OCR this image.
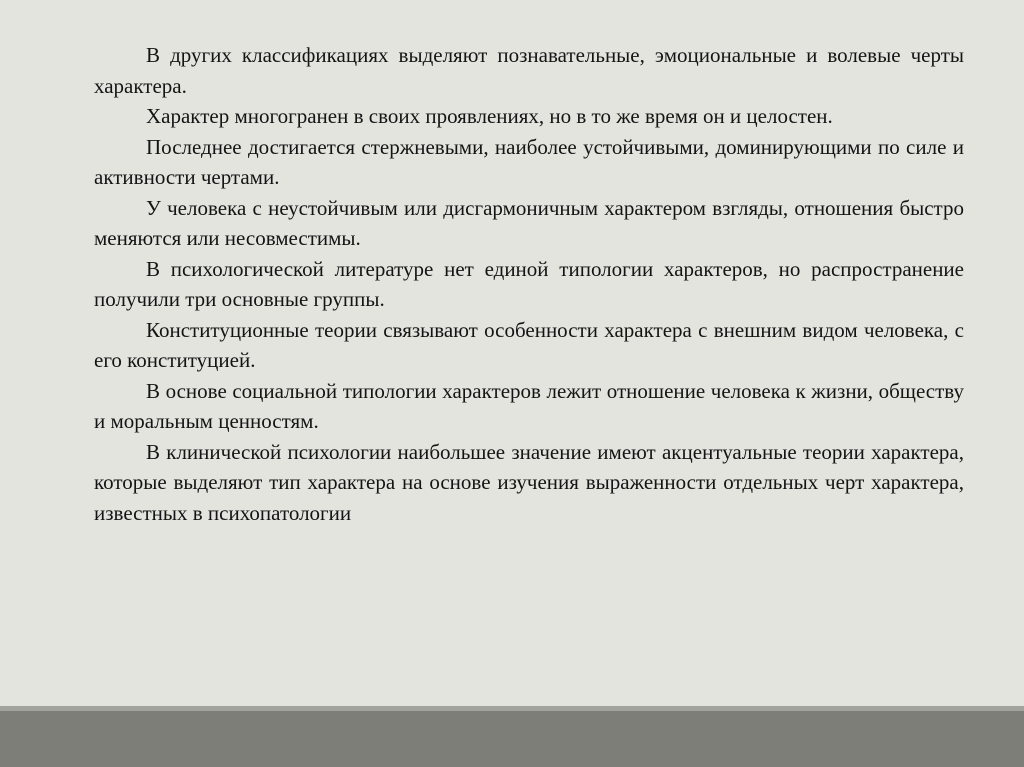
В других классификациях выделяют познавательные, эмоциональные и волевые черты характера.

Характер многогранен в своих проявлениях, но в то же время он и целостен.

Последнее достигается стержневыми, наиболее устойчивыми, доминирующими по силе и активности чертами.

У человека с неустойчивым или дисгармоничным характером взгляды, отношения быстро меняются или несовместимы.

В психологической литературе нет единой типологии характеров, но распространение получили три основные группы.

Конституционные теории связывают особенности характера с внешним видом человека, с его конституцией.

В основе социальной типологии характеров лежит отношение человека к жизни, обществу и моральным ценностям.

В клинической психологии наибольшее значение имеют акцентуальные теории характера, которые выделяют тип характера на основе изучения выраженности отдельных черт характера, известных в психопатологии
